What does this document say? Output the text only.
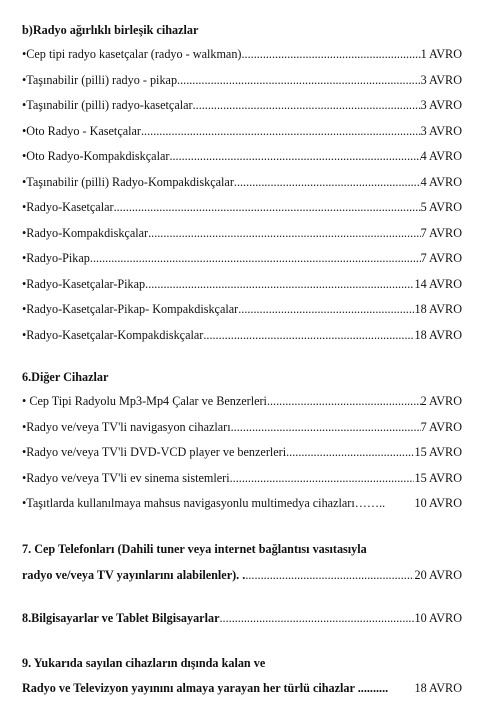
b)Radyo ağırlıklı birleşik cihazlar
•Cep tipi radyo kasetçalar (radyo - walkman) .....	1 AVRO
•Taşınabilir (pilli) radyo - pikap .....	3 AVRO
•Taşınabilir (pilli) radyo-kasetçalar .....	3 AVRO
•Oto Radyo - Kasetçalar .....	3 AVRO
•Oto Radyo-Kompakdiskçalar .....	4 AVRO
•Taşınabilir (pilli) Radyo-Kompakdiskçalar .....	4 AVRO
•Radyo-Kasetçalar .....	5 AVRO
•Radyo-Kompakdiskçalar .....	7 AVRO
•Radyo-Pikap .....	7 AVRO
•Radyo-Kasetçalar-Pikap .....	14 AVRO
•Radyo-Kasetçalar-Pikap- Kompakdiskçalar .....	18 AVRO
•Radyo-Kasetçalar-Kompakdiskçalar .....	18 AVRO
6.Diğer Cihazlar
• Cep Tipi Radyolu Mp3-Mp4 Çalar ve Benzerleri .....	2 AVRO
•Radyo ve/veya TV'li navigasyon cihazları .....	7 AVRO
•Radyo ve/veya TV'li DVD-VCD player ve benzerleri .....	15 AVRO
•Radyo ve/veya TV'li ev sinema sistemleri .....	15 AVRO
•Taşıtlarda kullanılmaya mahsus navigasyonlu multimedya cihazları…….. 10 AVRO
7. Cep Telefonları (Dahili tuner veya internet bağlantısı vasıtasıyla
radyo ve/veya TV yayınlarını alabilenler). . .....	20 AVRO
8.Bilgisayarlar ve Tablet Bilgisayarlar .....	10 AVRO
9. Yukarıda sayılan cihazların dışında kalan ve
Radyo ve Televizyon yayınını almaya yarayan her türlü cihazlar .......... 18 AVRO
